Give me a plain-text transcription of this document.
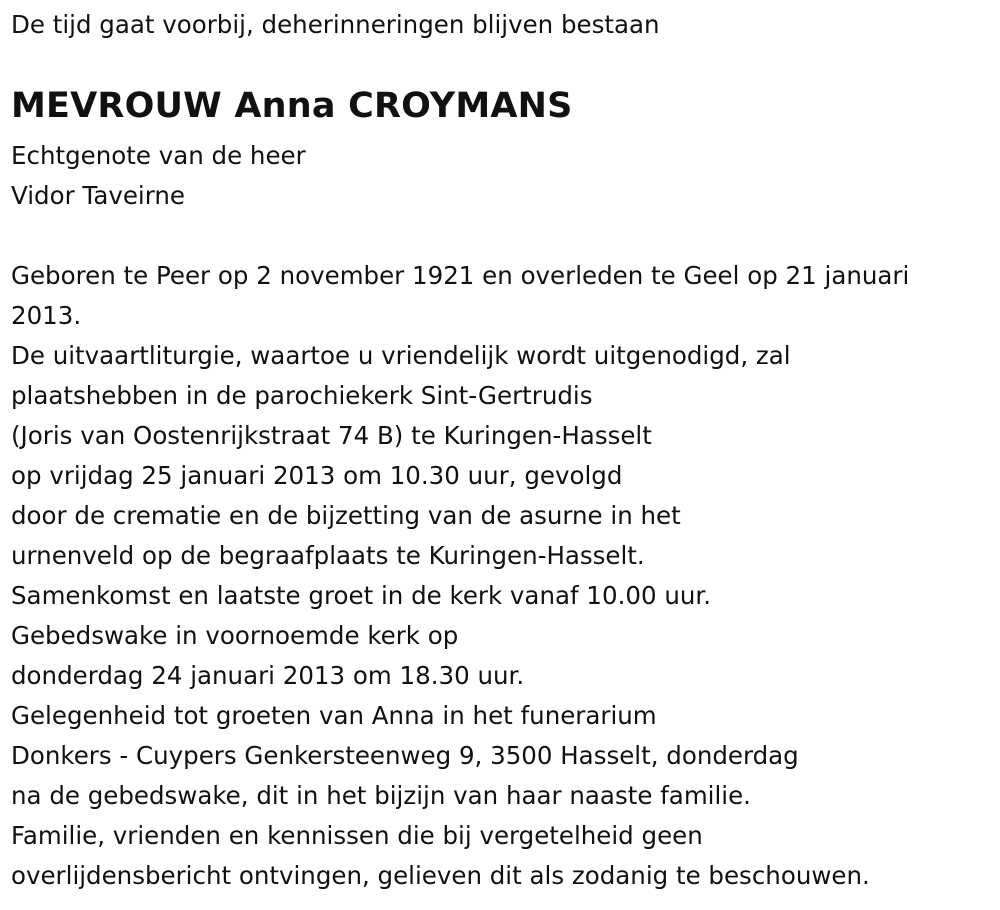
De tijd gaat voorbij, deherinneringen blijven bestaan
MEVROUW Anna CROYMANS
Echtgenote van de heer
Vidor Taveirne
Geboren te Peer op 2 november 1921 en overleden te Geel op 21 januari
2013.
De uitvaartliturgie, waartoe u vriendelijk wordt uitgenodigd, zal
plaatshebben in de parochiekerk Sint-Gertrudis
(Joris van Oostenrijkstraat 74 B) te Kuringen-Hasselt
op vrijdag 25 januari 2013 om 10.30 uur, gevolgd
door de crematie en de bijzetting van de asurne in het
urnenveld op de begraafplaats te Kuringen-Hasselt.
Samenkomst en laatste groet in de kerk vanaf 10.00 uur.
Gebedswake in voornoemde kerk op
donderdag 24 januari 2013 om 18.30 uur.
Gelegenheid tot groeten van Anna in het funerarium
Donkers - Cuypers Genkersteenweg 9, 3500 Hasselt, donderdag
na de gebedswake, dit in het bijzijn van haar naaste familie.
Familie, vrienden en kennissen die bij vergetelheid geen
overlijdensbericht ontvingen, gelieven dit als zodanig te beschouwen.
